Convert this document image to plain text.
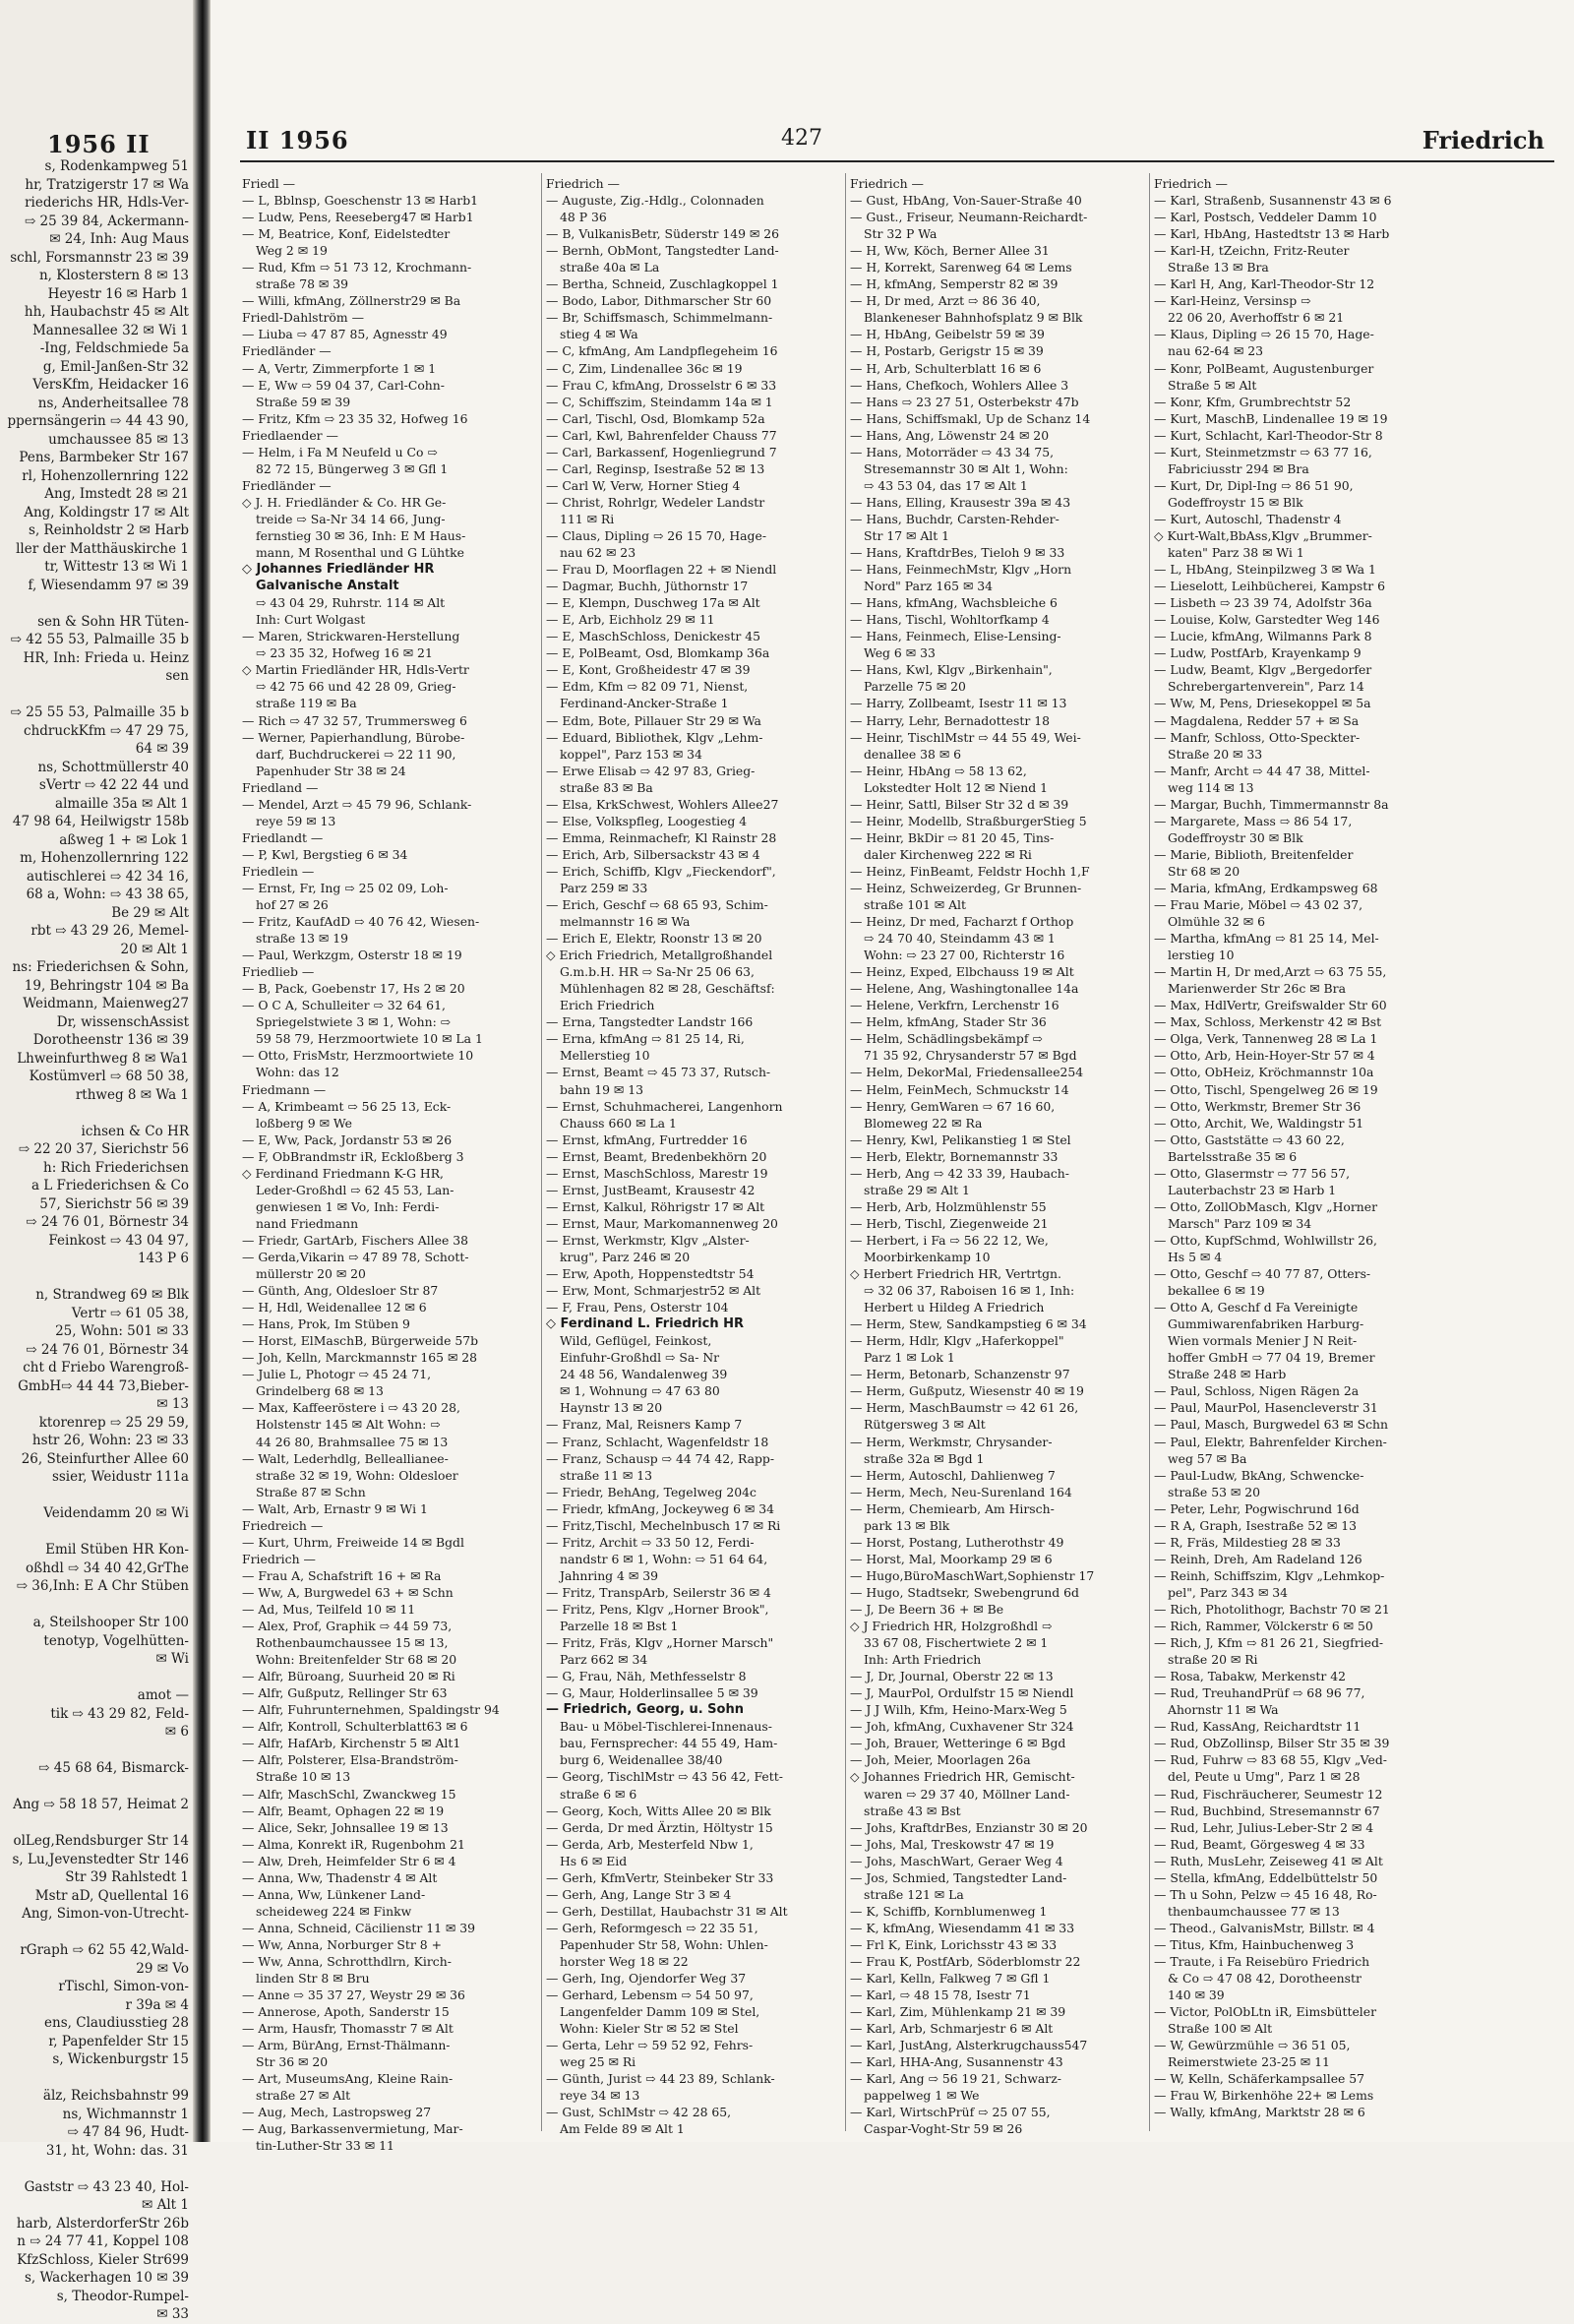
1956 II
s, Rodenkampweg 51
hr, Tratzigerstr 17 ✉ Wa
riederichs HR, Hdls-Ver-
⇨ 25 39 84, Ackermann-
✉ 24, Inh: Aug Maus
schl, Forsmannstr 23 ✉ 39
n, Klosterstern 8 ✉ 13
Heyestr 16 ✉ Harb 1
hh, Haubachstr 45 ✉ Alt
Mannesallee 32 ✉ Wi 1
-Ing, Feldschmiede 5a
g, Emil-Janßen-Str 32
VersKfm, Heidacker 16
ns, Anderheitsallee 78
ppernsängerin ⇨ 44 43 90,
umchaussee 85 ✉ 13
Pens, Barmbeker Str 167
rl, Hohenzollernring 122
Ang, Imstedt 28 ✉ 21
Ang, Koldingstr 17 ✉ Alt
s, Reinholdstr 2 ✉ Harb
ller der Matthäuskirche 1
tr, Wittestr 13 ✉ Wi 1
f, Wiesendamm 97 ✉ 39
sen & Sohn HR Tüten-
⇨ 42 55 53, Palmaille 35 b
HR, Inh: Frieda u. Heinz
sen
⇨ 25 55 53, Palmaille 35 b
chdruckKfm ⇨ 47 29 75,
64 ✉ 39
ns, Schottmüllerstr 40
sVertr ⇨ 42 22 44 und
almaille 35a ✉ Alt 1
47 98 64, Heilwigstr 158b
aßweg 1 + ✉ Lok 1
m, Hohenzollernring 122
autischlerei ⇨ 42 34 16,
68 a, Wohn: ⇨ 43 38 65,
Be 29 ✉ Alt
rbt ⇨ 43 29 26, Memel-
20 ✉ Alt 1
ns: Friederichsen & Sohn,
19, Behringstr 104 ✉ Ba
Weidmann, Maienweg27
Dr, wissenschAssist
Dorotheenstr 136 ✉ 39
Lhweinfurthweg 8 ✉ Wa1
Kostümverl ⇨ 68 50 38,
rthweg 8 ✉ Wa 1
ichsen & Co HR
⇨ 22 20 37, Sierichstr 56
h: Rich Friederichsen
a L Friederichsen & Co
57, Sierichstr 56 ✉ 39
⇨ 24 76 01, Börnestr 34
Feinkost ⇨ 43 04 97,
143 P 6
n, Strandweg 69 ✉ Blk
Vertr ⇨ 61 05 38,
25, Wohn: 501 ✉ 33
⇨ 24 76 01, Börnestr 34
cht d Friebo Warengroß-
GmbH⇨ 44 44 73,Bieber-
✉ 13
ktorenrep ⇨ 25 29 59,
hstr 26, Wohn: 23 ✉ 33
26, Steinfurther Allee 60
ssier, Weidustr 111a
Veidendamm 20 ✉ Wi
Emil Stüben HR Kon-
oßhdl ⇨ 34 40 42,GrThe
⇨ 36,Inh: E A Chr Stüben
a, Steilshooper Str 100
tenotyp, Vogelhütten-
✉ Wi
amot —
tik ⇨ 43 29 82, Feld-
✉ 6
⇨ 45 68 64, Bismarck-
Ang ⇨ 58 18 57, Heimat 2
olLeg,Rendsburger Str 14
s, Lu,Jevenstedter Str 146
Str 39 Rahlstedt 1
Mstr aD, Quellental 16
Ang, Simon-von-Utrecht-
rGraph ⇨ 62 55 42,Wald-
29 ✉ Vo
rTischl, Simon-von-
r 39a ✉ 4
ens, Claudiusstieg 28
r, Papenfelder Str 15
s, Wickenburgstr 15
älz, Reichsbahnstr 99
ns, Wichmannstr 1
⇨ 47 84 96, Hudt-
31, ht, Wohn: das. 31
Gaststr ⇨ 43 23 40, Hol-
✉ Alt 1
harb, AlsterdorferStr 26b
n ⇨ 24 77 41, Koppel 108
KfzSchloss, Kieler Str699
s, Wackerhagen 10 ✉ 39
s, Theodor-Rumpel-
✉ 33
II 1956	427	Friedrich
Friedl —
— L, Bblnsp, Goeschenstr 13 ✉ Harb1
— Ludw, Pens, Reeseberg47 ✉ Harb1
— M, Beatrice, Konf, Eidelstedter
Weg 2 ✉ 19
— Rud, Kfm ⇨ 51 73 12, Krochmann-
straße 78 ✉ 39
— Willi, kfmAng, Zöllnerstr29 ✉ Ba
Friedl-Dahlström —
— Liuba ⇨ 47 87 85, Agnesstr 49
Friedländer —
— A, Vertr, Zimmerpforte 1 ✉ 1
— E, Ww ⇨ 59 04 37, Carl-Cohn-
Straße 59 ✉ 39
— Fritz, Kfm ⇨ 23 35 32, Hofweg 16
Friedlaender —
— Helm, i Fa M Neufeld u Co ⇨
82 72 15, Büngerweg 3 ✉ Gfl 1
Friedländer —
◇ J. H. Friedländer & Co. HR Ge-
treide ⇨ Sa-Nr 34 14 66, Jung-
fernstieg 30 ✉ 36, Inh: E M Haus-
mann, M Rosenthal und G Lühtke
◇ Johannes Friedländer HR
Galvanische Anstalt
⇨ 43 04 29, Ruhrstr. 114 ✉ Alt
Inh: Curt Wolgast
— Maren, Strickwaren-Herstellung
⇨ 23 35 32, Hofweg 16 ✉ 21
◇ Martin Friedländer HR, Hdls-Vertr
⇨ 42 75 66 und 42 28 09, Grieg-
straße 119 ✉ Ba
— Rich ⇨ 47 32 57, Trummersweg 6
— Werner, Papierhandlung, Bürobe-
darf, Buchdruckerei ⇨ 22 11 90,
Papenhuder Str 38 ✉ 24
Friedland —
— Mendel, Arzt ⇨ 45 79 96, Schlank-
reye 59 ✉ 13
Friedlandt —
— P, Kwl, Bergstieg 6 ✉ 34
Friedlein —
— Ernst, Fr, Ing ⇨ 25 02 09, Loh-
hof 27 ✉ 26
— Fritz, KaufAdD ⇨ 40 76 42, Wiesen-
straße 13 ✉ 19
— Paul, Werkzgm, Osterstr 18 ✉ 19
Friedlieb —
— B, Pack, Goebenstr 17, Hs 2 ✉ 20
— O C A, Schulleiter ⇨ 32 64 61,
Spriegelstwiete 3 ✉ 1, Wohn: ⇨
59 58 79, Herzmoortwiete 10 ✉ La 1
— Otto, FrisMstr, Herzmoortwiete 10
Wohn: das 12
Friedmann —
— A, Krimbeamt ⇨ 56 25 13, Eck-
loßberg 9 ✉ We
— E, Ww, Pack, Jordanstr 53 ✉ 26
— F, ObBrandmstr iR, Eckloßberg 3
◇ Ferdinand Friedmann K-G HR,
Leder-Großhdl ⇨ 62 45 53, Lan-
genwiesen 1 ✉ Vo, Inh: Ferdi-
nand Friedmann
— Friedr, GartArb, Fischers Allee 38
— Gerda,Vikarin ⇨ 47 89 78, Schott-
müllerstr 20 ✉ 20
— Günth, Ang, Oldesloer Str 87
— H, Hdl, Weidenallee 12 ✉ 6
— Hans, Prok, Im Stüben 9
— Horst, ElMaschB, Bürgerweide 57b
— Joh, Kelln, Marckmannstr 165 ✉ 28
— Julie L, Photogr ⇨ 45 24 71,
Grindelberg 68 ✉ 13
— Max, Kaffeeröstere i ⇨ 43 20 28,
Holstenstr 145 ✉ Alt Wohn: ⇨
44 26 80, Brahmsallee 75 ✉ 13
— Walt, Lederhdlg, Belleallianee-
straße 32 ✉ 19, Wohn: Oldesloer
Straße 87 ✉ Schn
— Walt, Arb, Ernastr 9 ✉ Wi 1
Friedreich —
— Kurt, Uhrm, Freiweide 14 ✉ Bgdl
Friedrich —
— Frau A, Schafstrift 16 + ✉ Ra
— Ww, A, Burgwedel 63 + ✉ Schn
— Ad, Mus, Teilfeld 10 ✉ 11
— Alex, Prof, Graphik ⇨ 44 59 73,
Rothenbaumchaussee 15 ✉ 13,
Wohn: Breitenfelder Str 68 ✉ 20
— Alfr, Büroang, Suurheid 20 ✉ Ri
— Alfr, Gußputz, Rellinger Str 63
— Alfr, Fuhrunternehmen, Spaldingstr 94
— Alfr, Kontroll, Schulterblatt63 ✉ 6
— Alfr, HafArb, Kirchenstr 5 ✉ Alt1
— Alfr, Polsterer, Elsa-Brandström-
Straße 10 ✉ 13
— Alfr, MaschSchl, Zwanckweg 15
— Alfr, Beamt, Ophagen 22 ✉ 19
— Alice, Sekr, Johnsallee 19 ✉ 13
— Alma, Konrekt iR, Rugenbohm 21
— Alw, Dreh, Heimfelder Str 6 ✉ 4
— Anna, Ww, Thadenstr 4 ✉ Alt
— Anna, Ww, Lünkener Land-
scheideweg 224 ✉ Finkw
— Anna, Schneid, Cäcilienstr 11 ✉ 39
— Ww, Anna, Norburger Str 8 +
— Ww, Anna, Schrotthdlrn, Kirch-
linden Str 8 ✉ Bru
— Anne ⇨ 35 37 27, Weystr 29 ✉ 36
— Annerose, Apoth, Sanderstr 15
— Arm, Hausfr, Thomasstr 7 ✉ Alt
— Arm, BürAng, Ernst-Thälmann-
Str 36 ✉ 20
— Art, MuseumsAng, Kleine Rain-
straße 27 ✉ Alt
— Aug, Mech, Lastropsweg 27
— Aug, Barkassenvermietung, Mar-
tin-Luther-Str 33 ✉ 11
Friedrich —
— Auguste, Zig.-Hdlg., Colonnaden
48 P 36
— B, VulkanisBetr, Süderstr 149 ✉ 26
— Bernh, ObMont, Tangstedter Land-
straße 40a ✉ La
— Bertha, Schneid, Zuschlagkoppel 1
— Bodo, Labor, Dithmarscher Str 60
— Br, Schiffsmasch, Schimmelmann-
stieg 4 ✉ Wa
— C, kfmAng, Am Landpflegeheim 16
— C, Zim, Lindenallee 36c ✉ 19
— Frau C, kfmAng, Drosselstr 6 ✉ 33
— C, Schiffszim, Steindamm 14a ✉ 1
— Carl, Tischl, Osd, Blomkamp 52a
— Carl, Kwl, Bahrenfelder Chauss 77
— Carl, Barkassenf, Hogenliegrund 7
— Carl, Reginsp, Isestraße 52 ✉ 13
— Carl W, Verw, Horner Stieg 4
— Christ, Rohrlgr, Wedeler Landstr
111 ✉ Ri
— Claus, Dipling ⇨ 26 15 70, Hage-
nau 62 ✉ 23
— Frau D, Moorflagen 22 + ✉ Niendl
— Dagmar, Buchh, Jüthornstr 17
— E, Klempn, Duschweg 17a ✉ Alt
— E, Arb, Eichholz 29 ✉ 11
— E, MaschSchloss, Denickestr 45
— E, PolBeamt, Osd, Blomkamp 36a
— E, Kont, Großheidestr 47 ✉ 39
— Edm, Kfm ⇨ 82 09 71, Nienst,
Ferdinand-Ancker-Straße 1
— Edm, Bote, Pillauer Str 29 ✉ Wa
— Eduard, Bibliothek, Klgv „Lehm-
koppel", Parz 153 ✉ 34
— Erwe Elisab ⇨ 42 97 83, Grieg-
straße 83 ✉ Ba
— Elsa, KrkSchwest, Wohlers Allee27
— Else, Volkspfleg, Loogestieg 4
— Emma, Reinmachefr, Kl Rainstr 28
— Erich, Arb, Silbersackstr 43 ✉ 4
— Erich, Schiffb, Klgv „Fieckendorf",
Parz 259 ✉ 33
— Erich, Geschf ⇨ 68 65 93, Schim-
melmannstr 16 ✉ Wa
— Erich E, Elektr, Roonstr 13 ✉ 20
◇ Erich Friedrich, Metallgroßhandel
G.m.b.H. HR ⇨ Sa-Nr 25 06 63,
Mühlenhagen 82 ✉ 28, Geschäftsf:
Erich Friedrich
— Erna, Tangstedter Landstr 166
— Erna, kfmAng ⇨ 81 25 14, Ri,
Mellerstieg 10
— Ernst, Beamt ⇨ 45 73 37, Rutsch-
bahn 19 ✉ 13
— Ernst, Schuhmacherei, Langenhorn
Chauss 660 ✉ La 1
— Ernst, kfmAng, Furtredder 16
— Ernst, Beamt, Bredenbekhörn 20
— Ernst, MaschSchloss, Marestr 19
— Ernst, JustBeamt, Krausestr 42
— Ernst, Kalkul, Röhrigstr 17 ✉ Alt
— Ernst, Maur, Markomannenweg 20
— Ernst, Werkmstr, Klgv „Alster-
krug", Parz 246 ✉ 20
— Erw, Apoth, Hoppenstedtstr 54
— Erw, Mont, Schmarjestr52 ✉ Alt
— F, Frau, Pens, Osterstr 104
◇ Ferdinand L. Friedrich HR
Wild, Geflügel, Feinkost,
Einfuhr-Großhdl ⇨ Sa- Nr
24 48 56, Wandalenweg 39
✉ 1, Wohnung ⇨ 47 63 80
Haynstr 13 ✉ 20
— Franz, Mal, Reisners Kamp 7
— Franz, Schlacht, Wagenfeldstr 18
— Franz, Schausp ⇨ 44 74 42, Rapp-
straße 11 ✉ 13
— Friedr, BehAng, Tegelweg 204c
— Friedr, kfmAng, Jockeyweg 6 ✉ 34
— Fritz,Tischl, Mechelnbusch 17 ✉ Ri
— Fritz, Archit ⇨ 33 50 12, Ferdi-
nandstr 6 ✉ 1, Wohn: ⇨ 51 64 64,
Jahnring 4 ✉ 39
— Fritz, TranspArb, Seilerstr 36 ✉ 4
— Fritz, Pens, Klgv „Horner Brook",
Parzelle 18 ✉ Bst 1
— Fritz, Fräs, Klgv „Horner Marsch"
Parz 662 ✉ 34
— G, Frau, Näh, Methfesselstr 8
— G, Maur, Holderlinsallee 5 ✉ 39
— Friedrich, Georg, u. Sohn
Bau- u Möbel-Tischlerei-Innenaus-
bau, Fernsprecher: 44 55 49, Ham-
burg 6, Weidenallee 38/40
— Georg, TischlMstr ⇨ 43 56 42, Fett-
straße 6 ✉ 6
— Georg, Koch, Witts Allee 20 ✉ Blk
— Gerda, Dr med Ärztin, Höltystr 15
— Gerda, Arb, Mesterfeld Nbw 1,
Hs 6 ✉ Eid
— Gerh, KfmVertr, Steinbeker Str 33
— Gerh, Ang, Lange Str 3 ✉ 4
— Gerh, Destillat, Haubachstr 31 ✉ Alt
— Gerh, Reformgesch ⇨ 22 35 51,
Papenhuder Str 58, Wohn: Uhlen-
horster Weg 18 ✉ 22
— Gerh, Ing, Ojendorfer Weg 37
— Gerhard, Lebensm ⇨ 54 50 97,
Langenfelder Damm 109 ✉ Stel,
Wohn: Kieler Str ✉ 52 ✉ Stel
— Gerta, Lehr ⇨ 59 52 92, Fehrs-
weg 25 ✉ Ri
— Günth, Jurist ⇨ 44 23 89, Schlank-
reye 34 ✉ 13
— Gust, SchlMstr ⇨ 42 28 65,
Am Felde 89 ✉ Alt 1
Friedrich —
— Gust, HbAng, Von-Sauer-Straße 40
— Gust., Friseur, Neumann-Reichardt-
Str 32 P Wa
— H, Ww, Köch, Berner Allee 31
— H, Korrekt, Sarenweg 64 ✉ Lems
— H, kfmAng, Semperstr 82 ✉ 39
— H, Dr med, Arzt ⇨ 86 36 40,
Blankeneser Bahnhofsplatz 9 ✉ Blk
— H, HbAng, Geibelstr 59 ✉ 39
— H, Postarb, Gerigstr 15 ✉ 39
— H, Arb, Schulterblatt 16 ✉ 6
— Hans, Chefkoch, Wohlers Allee 3
— Hans ⇨ 23 27 51, Osterbekstr 47b
— Hans, Schiffsmakl, Up de Schanz 14
— Hans, Ang, Löwenstr 24 ✉ 20
— Hans, Motorräder ⇨ 43 34 75,
Stresemannstr 30 ✉ Alt 1, Wohn:
⇨ 43 53 04, das 17 ✉ Alt 1
— Hans, Elling, Krausestr 39a ✉ 43
— Hans, Buchdr, Carsten-Rehder-
Str 17 ✉ Alt 1
— Hans, KraftdrBes, Tieloh 9 ✉ 33
— Hans, FeinmechMstr, Klgv „Horn
Nord" Parz 165 ✉ 34
— Hans, kfmAng, Wachsbleiche 6
— Hans, Tischl, Wohltorfkamp 4
— Hans, Feinmech, Elise-Lensing-
Weg 6 ✉ 33
— Hans, Kwl, Klgv „Birkenhain",
Parzelle 75 ✉ 20
— Harry, Zollbeamt, Isestr 11 ✉ 13
— Harry, Lehr, Bernadottestr 18
— Heinr, TischlMstr ⇨ 44 55 49, Wei-
denallee 38 ✉ 6
— Heinr, HbAng ⇨ 58 13 62,
Lokstedter Holt 12 ✉ Niend 1
— Heinr, Sattl, Bilser Str 32 d ✉ 39
— Heinr, Modellb, StraßburgerStieg 5
— Heinr, BkDir ⇨ 81 20 45, Tins-
daler Kirchenweg 222 ✉ Ri
— Heinz, FinBeamt, Feldstr Hochh 1,F
— Heinz, Schweizerdeg, Gr Brunnen-
straße 101 ✉ Alt
— Heinz, Dr med, Facharzt f Orthop
⇨ 24 70 40, Steindamm 43 ✉ 1
Wohn: ⇨ 23 27 00, Richterstr 16
— Heinz, Exped, Elbchauss 19 ✉ Alt
— Helene, Ang, Washingtonallee 14a
— Helene, Verkfrn, Lerchenstr 16
— Helm, kfmAng, Stader Str 36
— Helm, Schädlingsbekämpf ⇨
71 35 92, Chrysanderstr 57 ✉ Bgd
— Helm, DekorMal, Friedensallee254
— Helm, FeinMech, Schmuckstr 14
— Henry, GemWaren ⇨ 67 16 60,
Blomeweg 22 ✉ Ra
— Henry, Kwl, Pelikanstieg 1 ✉ Stel
— Herb, Elektr, Bornemannstr 33
— Herb, Ang ⇨ 42 33 39, Haubach-
straße 29 ✉ Alt 1
— Herb, Arb, Holzmühlenstr 55
— Herb, Tischl, Ziegenweide 21
— Herbert, i Fa ⇨ 56 22 12, We,
Moorbirkenkamp 10
◇ Herbert Friedrich HR, Vertrtgn.
⇨ 32 06 37, Raboisen 16 ✉ 1, Inh:
Herbert u Hildeg A Friedrich
— Herm, Stew, Sandkampstieg 6 ✉ 34
— Herm, Hdlr, Klgv „Haferkoppel"
Parz 1 ✉ Lok 1
— Herm, Betonarb, Schanzenstr 97
— Herm, Gußputz, Wiesenstr 40 ✉ 19
— Herm, MaschBaumstr ⇨ 42 61 26,
Rütgersweg 3 ✉ Alt
— Herm, Werkmstr, Chrysander-
straße 32a ✉ Bgd 1
— Herm, Autoschl, Dahlienweg 7
— Herm, Mech, Neu-Surenland 164
— Herm, Chemiearb, Am Hirsch-
park 13 ✉ Blk
— Horst, Postang, Lutherothstr 49
— Horst, Mal, Moorkamp 29 ✉ 6
— Hugo,BüroMaschWart,Sophienstr 17
— Hugo, Stadtsekr, Swebengrund 6d
— J, De Beern 36 + ✉ Be
◇ J Friedrich HR, Holzgroßhdl ⇨
33 67 08, Fischertwiete 2 ✉ 1
Inh: Arth Friedrich
— J, Dr, Journal, Oberstr 22 ✉ 13
— J, MaurPol, Ordulfstr 15 ✉ Niendl
— J J Wilh, Kfm, Heino-Marx-Weg 5
— Joh, kfmAng, Cuxhavener Str 324
— Joh, Brauer, Wetteringe 6 ✉ Bgd
— Joh, Meier, Moorlagen 26a
◇ Johannes Friedrich HR, Gemischt-
waren ⇨ 29 37 40, Möllner Land-
straße 43 ✉ Bst
— Johs, KraftdrBes, Enzianstr 30 ✉ 20
— Johs, Mal, Treskowstr 47 ✉ 19
— Johs, MaschWart, Geraer Weg 4
— Jos, Schmied, Tangstedter Land-
straße 121 ✉ La
— K, Schiffb, Kornblumenweg 1
— K, kfmAng, Wiesendamm 41 ✉ 33
— Frl K, Eink, Lorichsstr 43 ✉ 33
— Frau K, PostfArb, Söderblomstr 22
— Karl, Kelln, Falkweg 7 ✉ Gfl 1
— Karl, ⇨ 48 15 78, Isestr 71
— Karl, Zim, Mühlenkamp 21 ✉ 39
— Karl, Arb, Schmarjestr 6 ✉ Alt
— Karl, JustAng, Alsterkrugchauss547
— Karl, HHA-Ang, Susannenstr 43
— Karl, Ang ⇨ 56 19 21, Schwarz-
pappelweg 1 ✉ We
— Karl, WirtschPrüf ⇨ 25 07 55,
Caspar-Voght-Str 59 ✉ 26
Friedrich —
— Karl, Straßenb, Susannenstr 43 ✉ 6
— Karl, Postsch, Veddeler Damm 10
— Karl, HbAng, Hastedtstr 13 ✉ Harb
— Karl-H, tZeichn, Fritz-Reuter
Straße 13 ✉ Bra
— Karl H, Ang, Karl-Theodor-Str 12
— Karl-Heinz, Versinsp ⇨
22 06 20, Averhoffstr 6 ✉ 21
— Klaus, Dipling ⇨ 26 15 70, Hage-
nau 62-64 ✉ 23
— Konr, PolBeamt, Augustenburger
Straße 5 ✉ Alt
— Konr, Kfm, Grumbrechtstr 52
— Kurt, MaschB, Lindenallee 19 ✉ 19
— Kurt, Schlacht, Karl-Theodor-Str 8
— Kurt, Steinmetzmstr ⇨ 63 77 16,
Fabriciusstr 294 ✉ Bra
— Kurt, Dr, Dipl-Ing ⇨ 86 51 90,
Godeffroystr 15 ✉ Blk
— Kurt, Autoschl, Thadenstr 4
◇ Kurt-Walt,BbAss,Klgv „Brummer-
katen" Parz 38 ✉ Wi 1
— L, HbAng, Steinpilzweg 3 ✉ Wa 1
— Lieselott, Leihbücherei, Kampstr 6
— Lisbeth ⇨ 23 39 74, Adolfstr 36a
— Louise, Kolw, Garstedter Weg 146
— Lucie, kfmAng, Wilmanns Park 8
— Ludw, PostfArb, Krayenkamp 9
— Ludw, Beamt, Klgv „Bergedorfer
Schrebergartenverein", Parz 14
— Ww, M, Pens, Driesekoppel ✉ 5a
— Magdalena, Redder 57 + ✉ Sa
— Manfr, Schloss, Otto-Speckter-
Straße 20 ✉ 33
— Manfr, Archt ⇨ 44 47 38, Mittel-
weg 114 ✉ 13
— Margar, Buchh, Timmermannstr 8a
— Margarete, Mass ⇨ 86 54 17,
Godeffroystr 30 ✉ Blk
— Marie, Biblioth, Breitenfelder
Str 68 ✉ 20
— Maria, kfmAng, Erdkampsweg 68
— Frau Marie, Möbel ⇨ 43 02 37,
Olmühle 32 ✉ 6
— Martha, kfmAng ⇨ 81 25 14, Mel-
lerstieg 10
— Martin H, Dr med,Arzt ⇨ 63 75 55,
Marienwerder Str 26c ✉ Bra
— Max, HdlVertr, Greifswalder Str 60
— Max, Schloss, Merkenstr 42 ✉ Bst
— Olga, Verk, Tannenweg 28 ✉ La 1
— Otto, Arb, Hein-Hoyer-Str 57 ✉ 4
— Otto, ObHeiz, Kröchmannstr 10a
— Otto, Tischl, Spengelweg 26 ✉ 19
— Otto, Werkmstr, Bremer Str 36
— Otto, Archit, We, Waldingstr 51
— Otto, Gaststätte ⇨ 43 60 22,
Bartelsstraße 35 ✉ 6
— Otto, Glasermstr ⇨ 77 56 57,
Lauterbachstr 23 ✉ Harb 1
— Otto, ZollObMasch, Klgv „Horner
Marsch" Parz 109 ✉ 34
— Otto, KupfSchmd, Wohlwillstr 26,
Hs 5 ✉ 4
— Otto, Geschf ⇨ 40 77 87, Otters-
bekallee 6 ✉ 19
— Otto A, Geschf d Fa Vereinigte
Gummiwarenfabriken Harburg-
Wien vormals Menier J N Reit-
hoffer GmbH ⇨ 77 04 19, Bremer
Straße 248 ✉ Harb
— Paul, Schloss, Nigen Rägen 2a
— Paul, MaurPol, Hasencleverstr 31
— Paul, Masch, Burgwedel 63 ✉ Schn
— Paul, Elektr, Bahrenfelder Kirchen-
weg 57 ✉ Ba
— Paul-Ludw, BkAng, Schwencke-
straße 53 ✉ 20
— Peter, Lehr, Pogwischrund 16d
— R A, Graph, Isestraße 52 ✉ 13
— R, Fräs, Mildestieg 28 ✉ 33
— Reinh, Dreh, Am Radeland 126
— Reinh, Schiffszim, Klgv „Lehmkop-
pel", Parz 343 ✉ 34
— Rich, Photolithogr, Bachstr 70 ✉ 21
— Rich, Rammer, Völckerstr 6 ✉ 50
— Rich, J, Kfm ⇨ 81 26 21, Siegfried-
straße 20 ✉ Ri
— Rosa, Tabakw, Merkenstr 42
— Rud, TreuhandPrüf ⇨ 68 96 77,
Ahornstr 11 ✉ Wa
— Rud, KassAng, Reichardtstr 11
— Rud, ObZollinsp, Bilser Str 35 ✉ 39
— Rud, Fuhrw ⇨ 83 68 55, Klgv „Ved-
del, Peute u Umg", Parz 1 ✉ 28
— Rud, Fischräucherer, Seumestr 12
— Rud, Buchbind, Stresemannstr 67
— Rud, Lehr, Julius-Leber-Str 2 ✉ 4
— Rud, Beamt, Görgesweg 4 ✉ 33
— Ruth, MusLehr, Zeiseweg 41 ✉ Alt
— Stella, kfmAng, Eddelbüttelstr 50
— Th u Sohn, Pelzw ⇨ 45 16 48, Ro-
thenbaumchaussee 77 ✉ 13
— Theod., GalvanisMstr, Billstr. ✉ 4
— Titus, Kfm, Hainbuchenweg 3
— Traute, i Fa Reisebüro Friedrich
& Co ⇨ 47 08 42, Dorotheenstr
140 ✉ 39
— Victor, PolObLtn iR, Eimsbütteler
Straße 100 ✉ Alt
— W, Gewürzmühle ⇨ 36 51 05,
Reimerstwiete 23-25 ✉ 11
— W, Kelln, Schäferkampsallee 57
— Frau W, Birkenhöhe 22+ ✉ Lems
— Wally, kfmAng, Marktstr 28 ✉ 6
